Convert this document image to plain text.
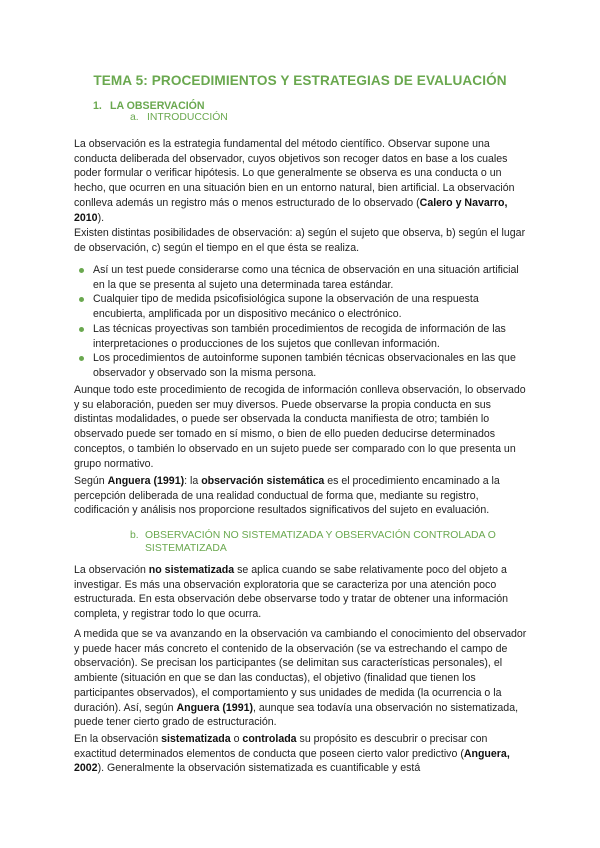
TEMA 5: PROCEDIMIENTOS Y ESTRATEGIAS DE EVALUACIÓN
1. LA OBSERVACIÓN
a. INTRODUCCIÓN
La observación es la estrategia fundamental del método científico. Observar supone una conducta deliberada del observador, cuyos objetivos son recoger datos en base a los cuales poder formular o verificar hipótesis. Lo que generalmente se observa es una conducta o un hecho, que ocurren en una situación bien en un entorno natural, bien artificial. La observación conlleva además un registro más o menos estructurado de lo observado (Calero y Navarro, 2010).
Existen distintas posibilidades de observación: a) según el sujeto que observa, b) según el lugar de observación, c) según el tiempo en el que ésta se realiza.
Así un test puede considerarse como una técnica de observación en una situación artificial en la que se presenta al sujeto una determinada tarea estándar.
Cualquier tipo de medida psicofisiológica supone la observación de una respuesta encubierta, amplificada por un dispositivo mecánico o electrónico.
Las técnicas proyectivas son también procedimientos de recogida de información de las interpretaciones o producciones de los sujetos que conllevan información.
Los procedimientos de autoinforme suponen también técnicas observacionales en las que observador y observado son la misma persona.
Aunque todo este procedimiento de recogida de información conlleva observación, lo observado y su elaboración, pueden ser muy diversos. Puede observarse la propia conducta en sus distintas modalidades, o puede ser observada la conducta manifiesta de otro; también lo observado puede ser tomado en sí mismo, o bien de ello pueden deducirse determinados conceptos, o también lo observado en un sujeto puede ser comparado con lo que presenta un grupo normativo.
Según Anguera (1991): la observación sistemática es el procedimiento encaminado a la percepción deliberada de una realidad conductual de forma que, mediante su registro, codificación y análisis nos proporcione resultados significativos del sujeto en evaluación.
b. OBSERVACIÓN NO SISTEMATIZADA Y OBSERVACIÓN CONTROLADA O SISTEMATIZADA
La observación no sistematizada se aplica cuando se sabe relativamente poco del objeto a investigar. Es más una observación exploratoria que se caracteriza por una atención poco estructurada. En esta observación debe observarse todo y tratar de obtener una información completa, y registrar todo lo que ocurra.
A medida que se va avanzando en la observación va cambiando el conocimiento del observador y puede hacer más concreto el contenido de la observación (se va estrechando el campo de observación). Se precisan los participantes (se delimitan sus características personales), el ambiente (situación en que se dan las conductas), el objetivo (finalidad que tienen los participantes observados), el comportamiento y sus unidades de medida (la ocurrencia o la duración). Así, según Anguera (1991), aunque sea todavía una observación no sistematizada, puede tener cierto grado de estructuración.
En la observación sistematizada o controlada su propósito es descubrir o precisar con exactitud determinados elementos de conducta que poseen cierto valor predictivo (Anguera, 2002). Generalmente la observación sistematizada es cuantificable y está
